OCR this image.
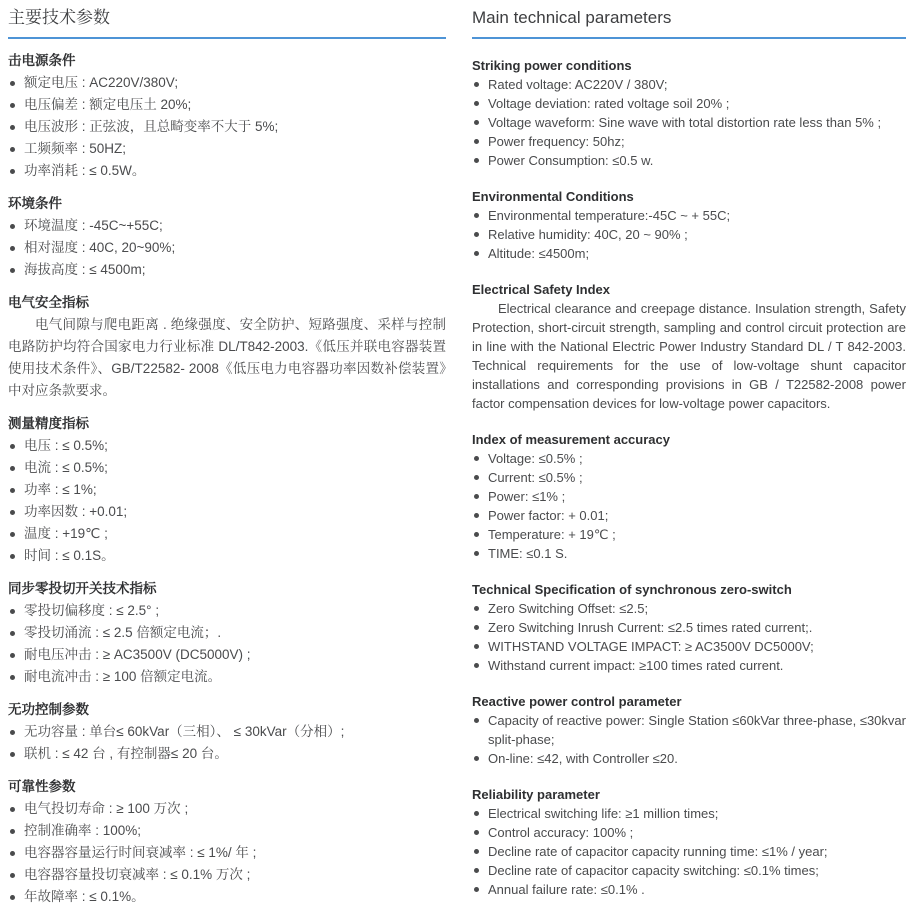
主要技术参数
击电源条件
额定电压 : AC220V/380V;
电压偏差 : 额定电压土 20%;
电压波形 : 正弦波，且总畸变率不大于 5%;
工频频率 : 50HZ;
功率消耗 : ≤ 0.5W。
环境条件
环境温度 : -45C~+55C;
相对湿度 : 40C, 20~90%;
海拔高度 : ≤ 4500m;
电气安全指标

电气间隙与爬电距离 . 绝缘强度、安全防护、短路强度、采样与控制电路防护均符合国家电力行业标准 DL/T842-2003.《低压并联电容器装置使用技术条件》、GB/T22582- 2008《低压电力电容器功率因数补偿装置》中对应条款要求。

测量精度指标
电压 : ≤ 0.5%;
电流 : ≤ 0.5%;
功率 : ≤ 1%;
功率因数 : +0.01;
温度 : +19℃ ;
时间 : ≤ 0.1S。
同步零投切开关技术指标
零投切偏移度 : ≤ 2.5° ;
零投切涌流 : ≤ 2.5 倍额定电流；.
耐电压冲击 : ≥ AC3500V (DC5000V) ;
耐电流冲击 : ≥ 100 倍额定电流。
无功控制参数
无功容量 : 单台≤ 60kVar（三相）、 ≤ 30kVar（分相）;
联机 : ≤ 42 台 , 有控制器≤ 20 台。
可靠性参数
电气投切寿命 : ≥ 100 万次 ;
控制准确率 : 100%;
电容器容量运行时间衰减率 : ≤ 1%/ 年 ;
电容器容量投切衰减率 : ≤ 0.1% 万次 ;
年故障率 : ≤ 0.1%。
Main technical parameters
Striking power conditions
Rated voltage: AC220V / 380V;
Voltage deviation: rated voltage soil 20% ;
Voltage waveform: Sine wave with total distortion rate less than 5% ;
Power frequency: 50hz;
Power Consumption: ≤0.5 w.
Environmental Conditions
Environmental temperature:-45C ~ + 55C;
Relative humidity: 40C, 20 ~ 90% ;
Altitude: ≤4500m;
Electrical Safety Index

Electrical clearance and creepage distance. Insulation strength, Safety Protection, short-circuit strength, sampling and control circuit protection are in line with the National Electric Power Industry Standard DL / T 842-2003. Technical requirements for the use of low-voltage shunt capacitor installations and corresponding provisions in GB / T22582-2008 power factor compensation devices for low-voltage power capacitors.

Index of measurement accuracy
Voltage: ≤0.5% ;
Current: ≤0.5% ;
Power: ≤1% ;
Power factor: + 0.01;
Temperature: + 19℃ ;
TIME: ≤0.1 S.
Technical Specification of synchronous zero-switch
Zero Switching Offset: ≤2.5;
Zero Switching Inrush Current: ≤2.5 times rated current;.
WITHSTAND VOLTAGE IMPACT: ≥ AC3500V DC5000V;
Withstand current impact: ≥100 times rated current.
Reactive power control parameter
Capacity of reactive power: Single Station ≤60kVar three-phase, ≤30kvar split-phase;
On-line: ≤42, with Controller ≤20.
Reliability parameter
Electrical switching life: ≥1 million times;
Control accuracy: 100% ;
Decline rate of capacitor capacity running time: ≤1% / year;
Decline rate of capacitor capacity switching: ≤0.1% times;
Annual failure rate: ≤0.1% .
